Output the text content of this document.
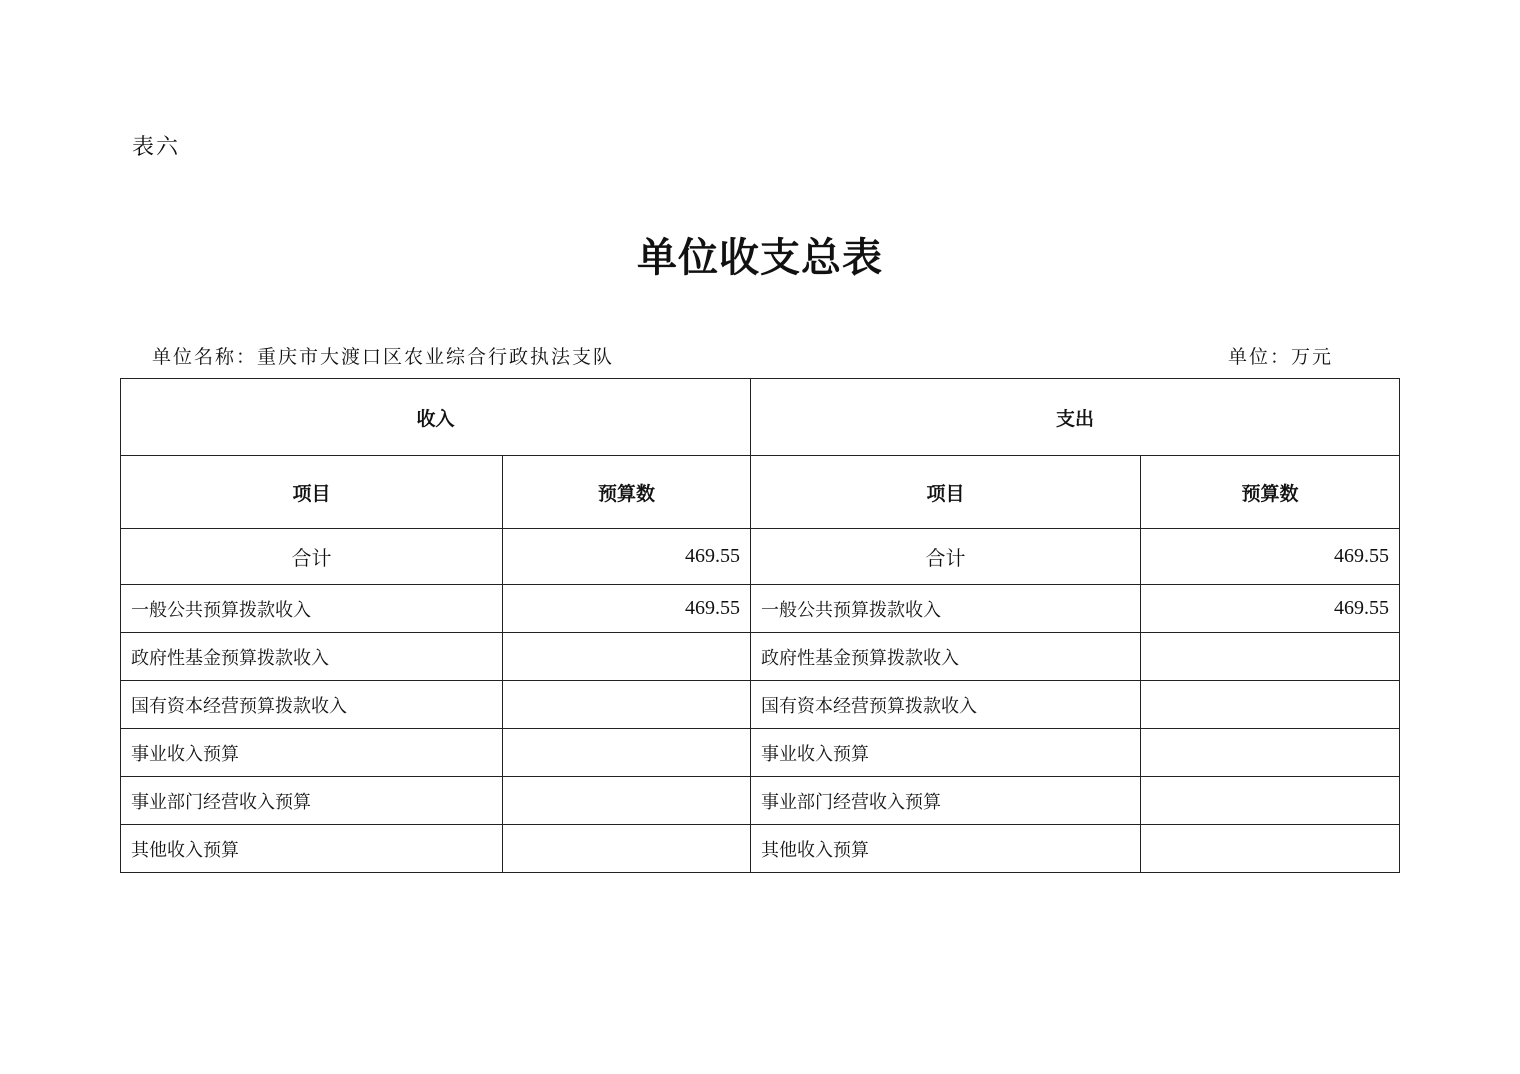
表六
单位收支总表
单位名称：重庆市大渡口区农业综合行政执法支队	单位：万元
收入		支出	
项目	预算数	项目	预算数
合计	469.55	合计	469.55
一般公共预算拨款收入	469.55	一般公共预算拨款收入	469.55
政府性基金预算拨款收入		政府性基金预算拨款收入	
国有资本经营预算拨款收入		国有资本经营预算拨款收入	
事业收入预算		事业收入预算	
事业部门经营收入预算		事业部门经营收入预算	
其他收入预算		其他收入预算	
